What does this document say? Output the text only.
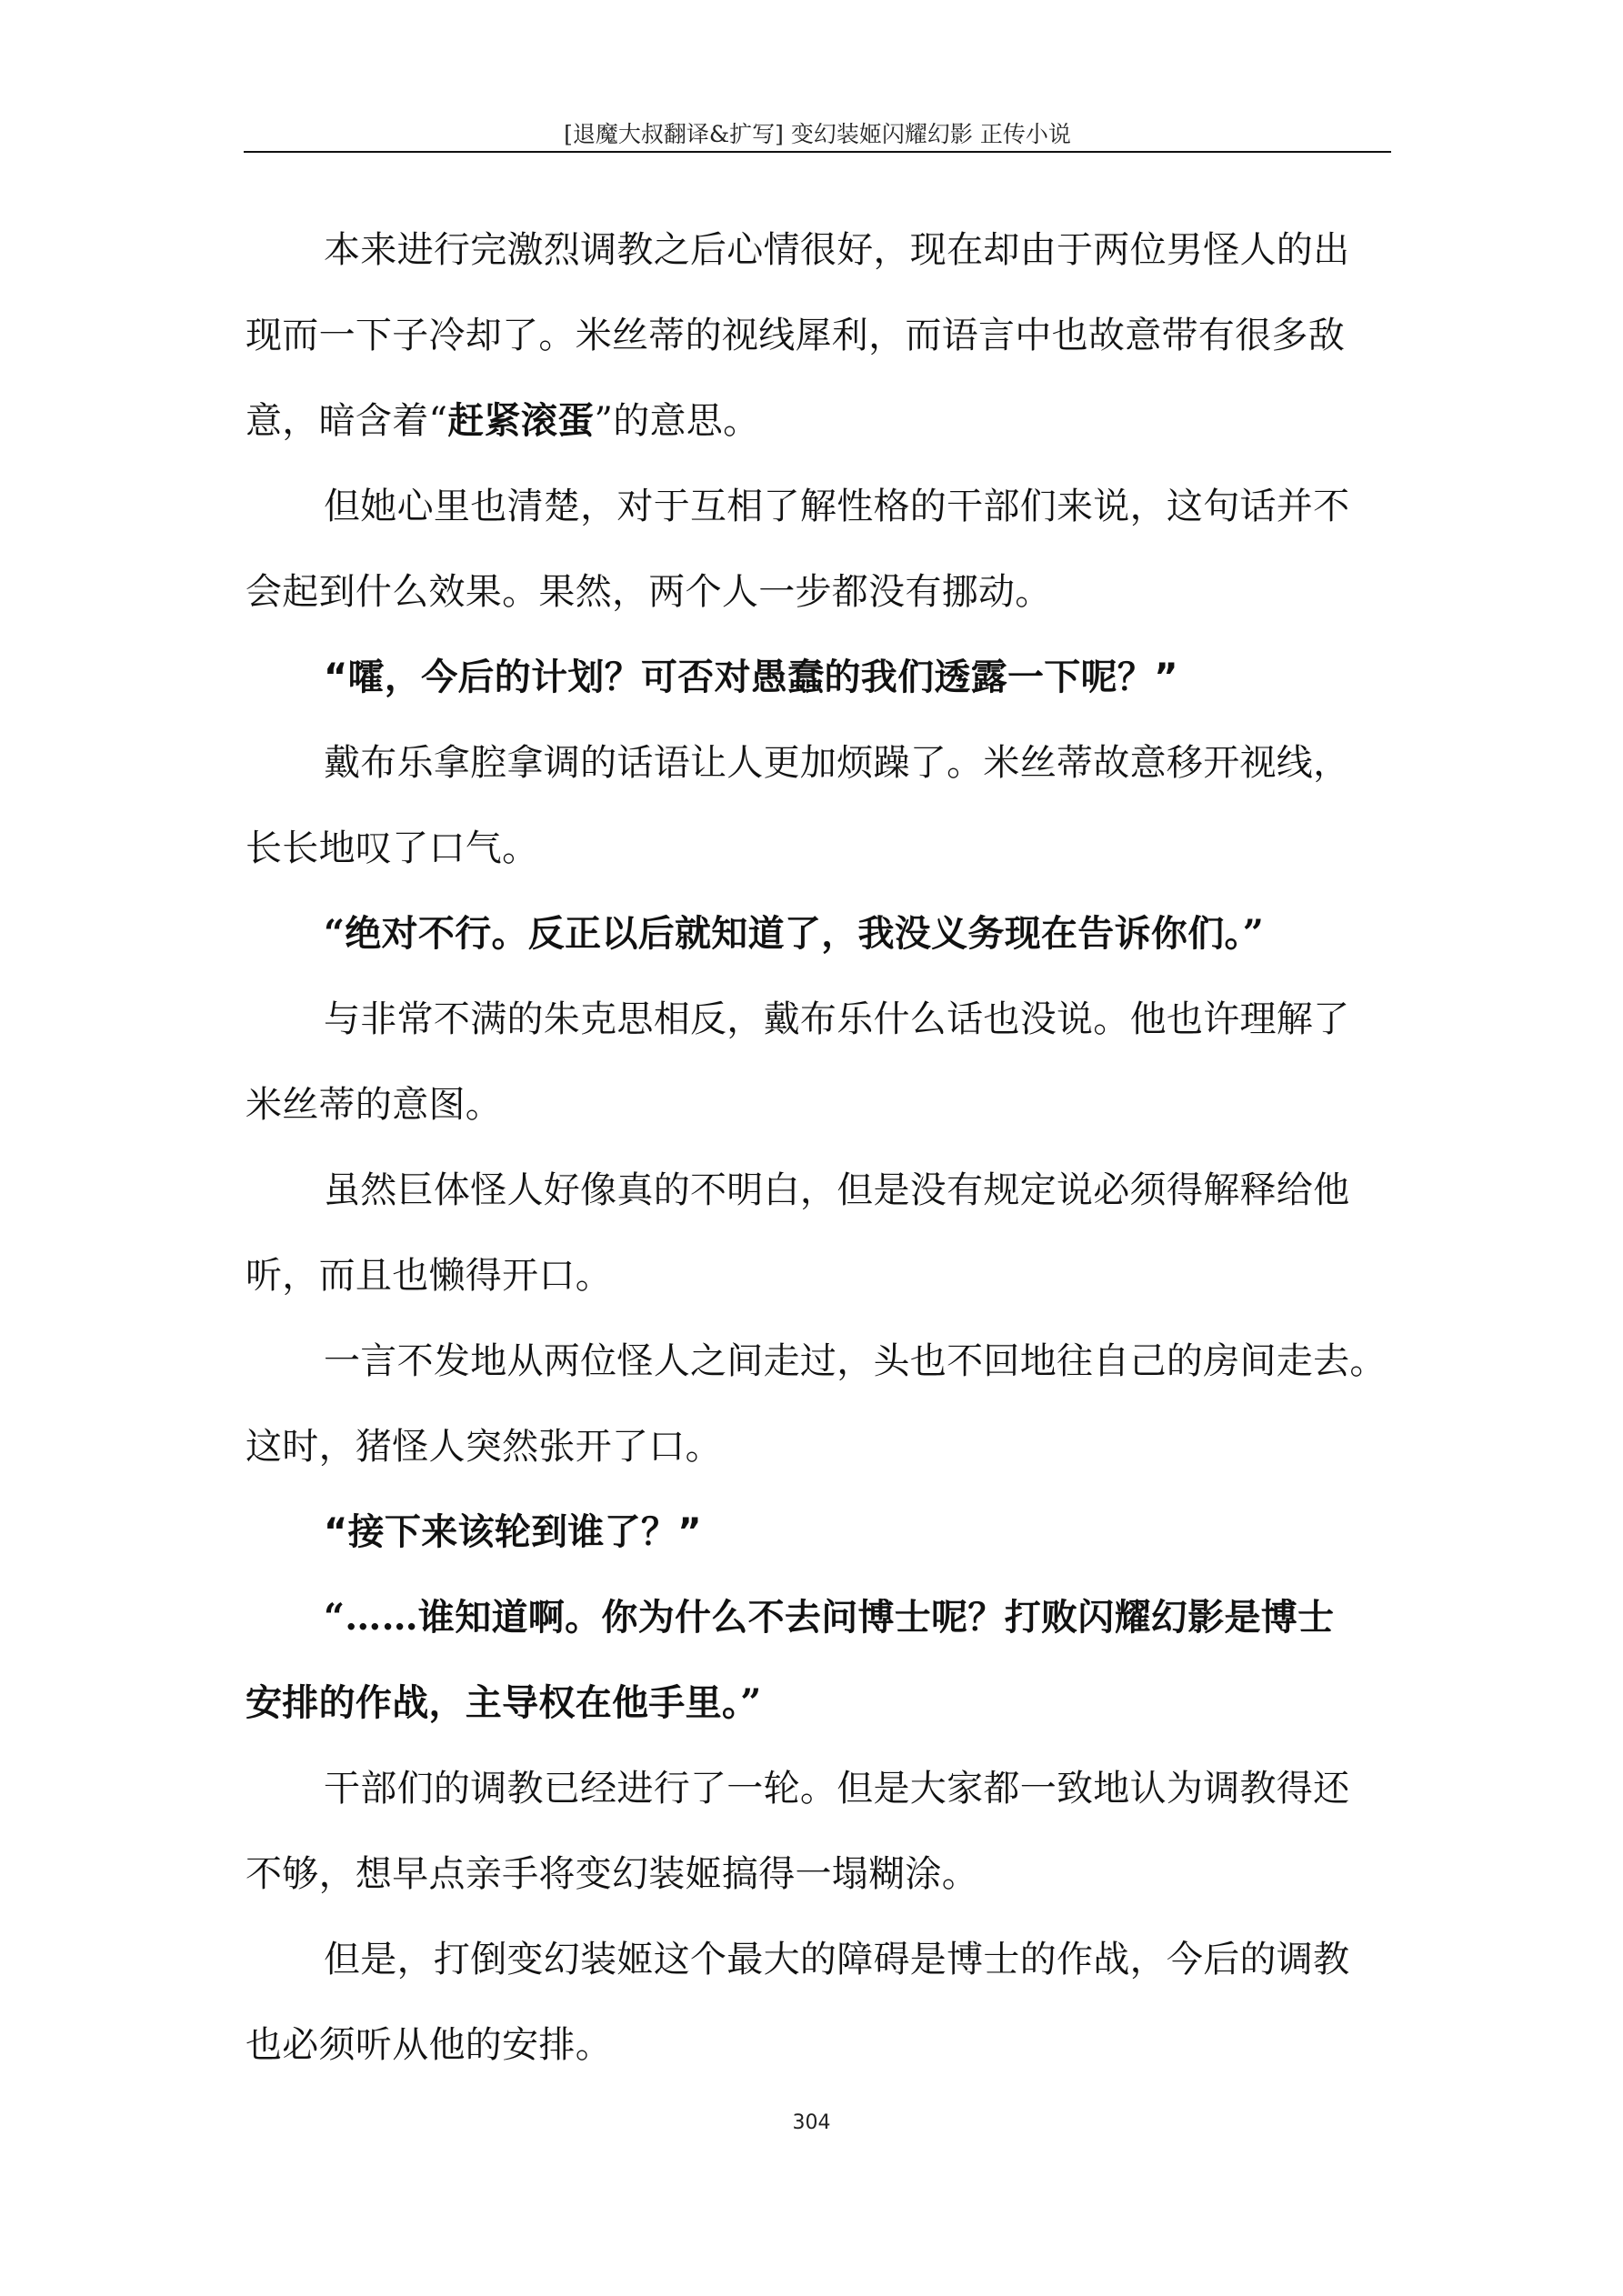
[退魔大叔翻译&扩写] 变幻装姬闪耀幻影 正传小说
本来进行完激烈调教之后心情很好，现在却由于两位男怪人的出
现而一下子冷却了。米丝蒂的视线犀利，而语言中也故意带有很多敌
意，暗含着“赶紧滚蛋”的意思。
但她心里也清楚，对于互相了解性格的干部们来说，这句话并不
会起到什么效果。果然，两个人一步都没有挪动。
“嚯，今后的计划？可否对愚蠢的我们透露一下呢？”
戴布乐拿腔拿调的话语让人更加烦躁了。米丝蒂故意移开视线，
长长地叹了口气。
“绝对不行。反正以后就知道了，我没义务现在告诉你们。”
与非常不满的朱克思相反，戴布乐什么话也没说。他也许理解了
米丝蒂的意图。
虽然巨体怪人好像真的不明白，但是没有规定说必须得解释给他
听，而且也懒得开口。
一言不发地从两位怪人之间走过，头也不回地往自己的房间走去。
这时，猪怪人突然张开了口。
“接下来该轮到谁了？”
“……谁知道啊。你为什么不去问博士呢？打败闪耀幻影是博士
安排的作战，主导权在他手里。”
干部们的调教已经进行了一轮。但是大家都一致地认为调教得还
不够，想早点亲手将变幻装姬搞得一塌糊涂。
但是，打倒变幻装姬这个最大的障碍是博士的作战，今后的调教
也必须听从他的安排。
304
